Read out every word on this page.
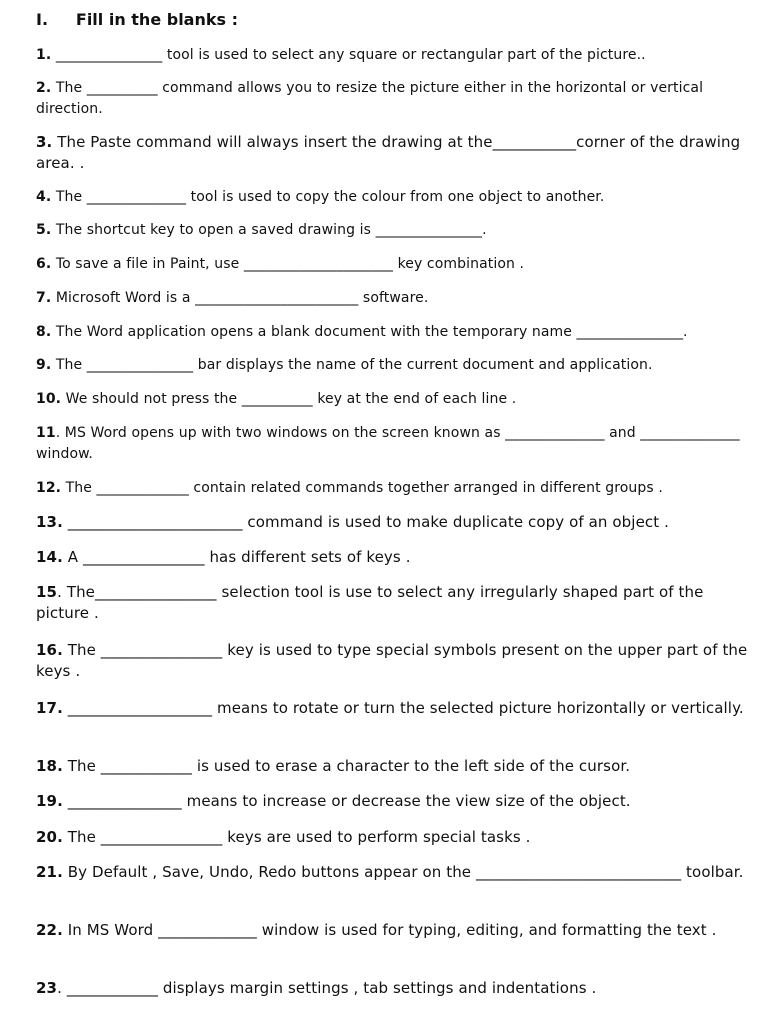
I.     Fill in the blanks :

1. _______________ tool is used to select any square or rectangular part of the picture..

2. The __________ command allows you to resize the picture either in the horizontal or vertical direction.

3. The Paste command will always insert the drawing at the___________corner of the drawing area. .

4. The ______________ tool is used to copy the colour from one object to another.

5. The shortcut key to open a saved drawing is _______________.

6. To save a file in Paint, use _____________________ key combination .

7. Microsoft Word is a _______________________ software.

8. The Word application opens a blank document with the temporary name _______________.

9. The _______________ bar displays the name of the current document and application.

10. We should not press the __________ key at the end of each line .

11. MS Word opens up with two windows on the screen known as ______________ and ______________ window.

12. The _____________ contain related commands together arranged in different groups .

13. _______________________ command is used to make duplicate copy of an object .

14. A ________________ has different sets of keys .

15. The________________ selection tool is use to select any irregularly shaped part of the picture .

16. The ________________ key is used to type special symbols present on the upper part of the keys .

17. ___________________ means to rotate or turn the selected picture horizontally or vertically.

18. The ____________ is used to erase a character to the left side of the cursor.

19. _______________ means to increase or decrease the view size of the object.

20. The ________________ keys are used to perform special tasks .

21. By Default , Save, Undo, Redo buttons appear on the ___________________________ toolbar.

22. In MS Word _____________ window is used for typing, editing, and formatting the text .

23. ____________ displays margin settings , tab settings and indentations .
